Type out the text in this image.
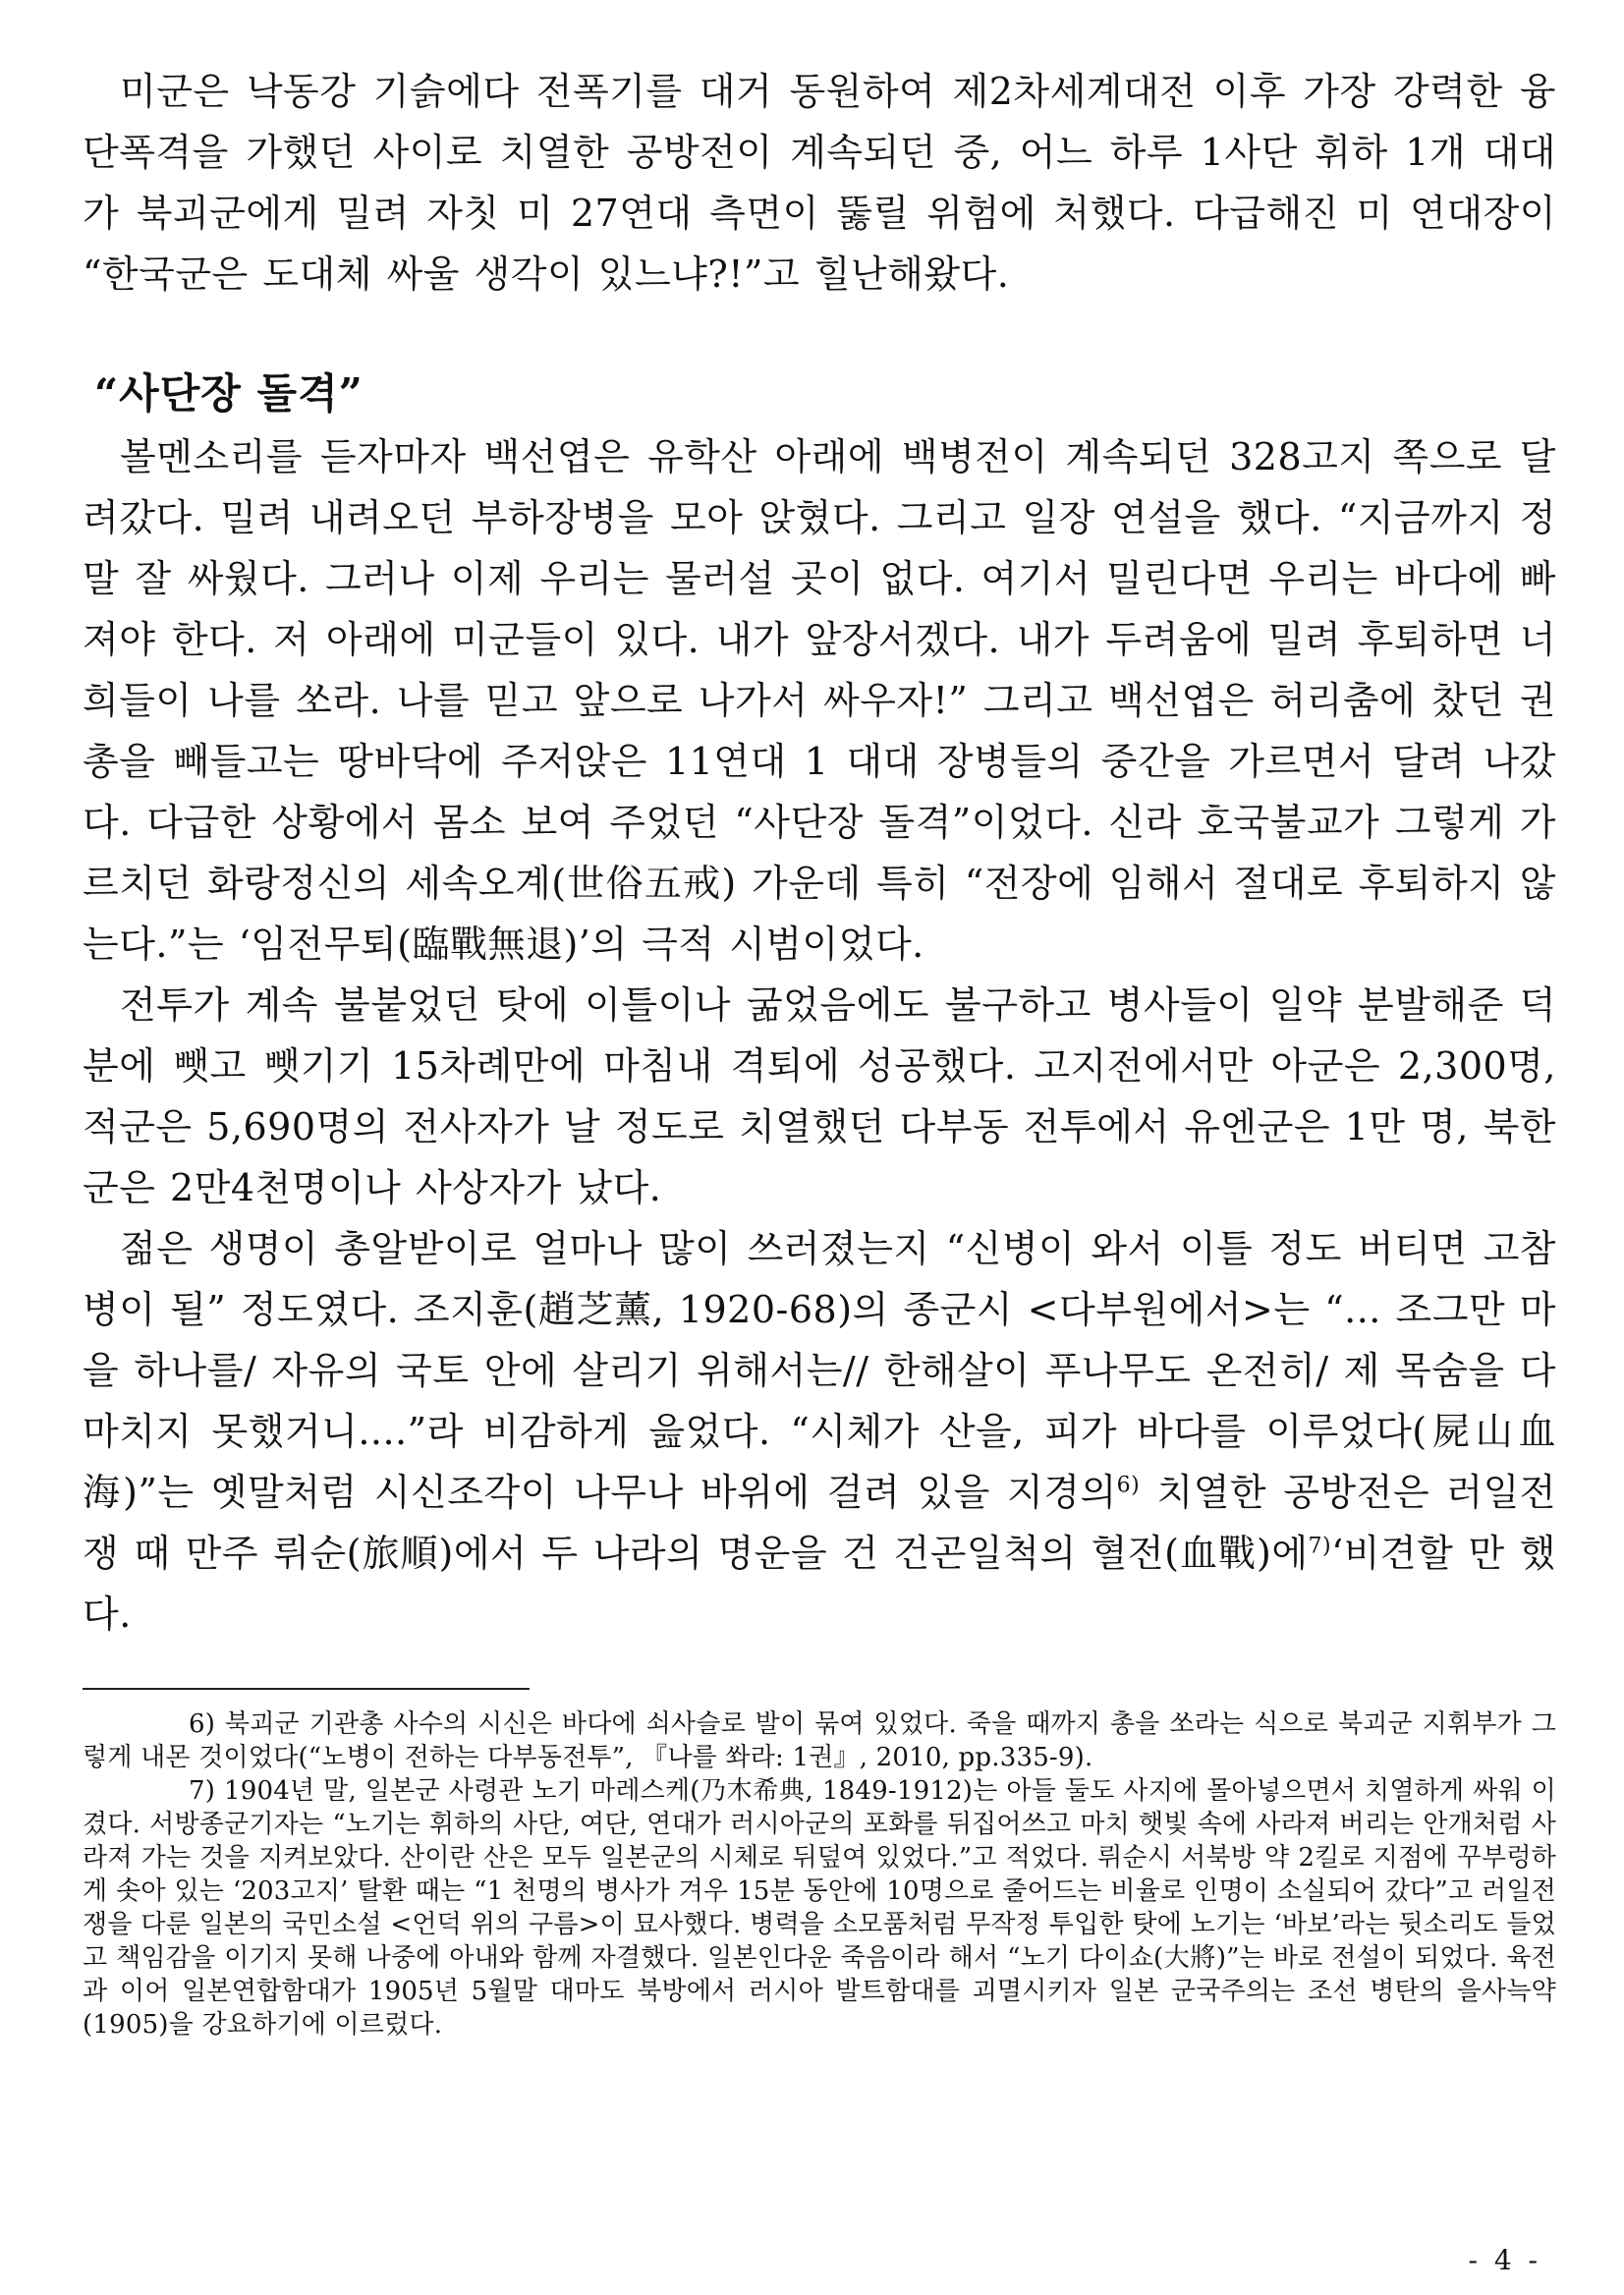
미군은 낙동강 기슭에다 전폭기를 대거 동원하여 제2차세계대전 이후 가장 강력한 융단폭격을 가했던 사이로 치열한 공방전이 계속되던 중, 어느 하루 1사단 휘하 1개 대대가 북괴군에게 밀려 자칫 미 27연대 측면이 뚫릴 위험에 처했다. 다급해진 미 연대장이 “한국군은 도대체 싸울 생각이 있느냐?!”고 힐난해왔다.

“사단장 돌격”

볼멘소리를 듣자마자 백선엽은 유학산 아래에 백병전이 계속되던 328고지 쪽으로 달려갔다. 밀려 내려오던 부하장병을 모아 앉혔다. 그리고 일장 연설을 했다. “지금까지 정말 잘 싸웠다. 그러나 이제 우리는 물러설 곳이 없다. 여기서 밀린다면 우리는 바다에 빠져야 한다. 저 아래에 미군들이 있다. 내가 앞장서겠다. 내가 두려움에 밀려 후퇴하면 너희들이 나를 쏘라. 나를 믿고 앞으로 나가서 싸우자!” 그리고 백선엽은 허리춤에 찼던 권총을 빼들고는 땅바닥에 주저앉은 11연대 1 대대 장병들의 중간을 가르면서 달려 나갔다. 다급한 상황에서 몸소 보여 주었던 “사단장 돌격”이었다. 신라 호국불교가 그렇게 가르치던 화랑정신의 세속오계(世俗五戒) 가운데 특히 “전장에 임해서 절대로 후퇴하지 않는다.”는 ‘임전무퇴(臨戰無退)’의 극적 시범이었다.

전투가 계속 불붙었던 탓에 이틀이나 굶었음에도 불구하고 병사들이 일약 분발해준 덕분에 뺏고 뺏기기 15차례만에 마침내 격퇴에 성공했다. 고지전에서만 아군은 2,300명, 적군은 5,690명의 전사자가 날 정도로 치열했던 다부동 전투에서 유엔군은 1만 명, 북한군은 2만4천명이나 사상자가 났다.

젊은 생명이 총알받이로 얼마나 많이 쓰러졌는지 “신병이 와서 이틀 정도 버티면 고참병이 될” 정도였다. 조지훈(趙芝薰, 1920-68)의 종군시 <다부원에서>는 “... 조그만 마을 하나를/ 자유의 국토 안에 살리기 위해서는// 한해살이 푸나무도 온전히/ 제 목숨을 다 마치지 못했거니....”라 비감하게 읊었다. “시체가 산을, 피가 바다를 이루었다(屍山血海)”는 옛말처럼 시신조각이 나무나 바위에 걸려 있을 지경의$^{6)}$ 치열한 공방전은 러일전쟁 때 만주 뤼순(旅順)에서 두 나라의 명운을 건 건곤일척의 혈전(血戰)에$^{7)}$‘비견할 만 했다.

6) 북괴군 기관총 사수의 시신은 바다에 쇠사슬로 발이 묶여 있었다. 죽을 때까지 총을 쏘라는 식으로 북괴군 지휘부가 그렇게 내몬 것이었다(“노병이 전하는 다부동전투”, 『나를 쏴라: 1권』, 2010, pp.335-9).

7) 1904년 말, 일본군 사령관 노기 마레스케(乃木希典, 1849-1912)는 아들 둘도 사지에 몰아넣으면서 치열하게 싸워 이겼다. 서방종군기자는 “노기는 휘하의 사단, 여단, 연대가 러시아군의 포화를 뒤집어쓰고 마치 햇빛 속에 사라져 버리는 안개처럼 사라져 가는 것을 지켜보았다. 산이란 산은 모두 일본군의 시체로 뒤덮여 있었다.”고 적었다. 뤼순시 서북방 약 2킬로 지점에 꾸부렁하게 솟아 있는 ‘203고지’ 탈환 때는 “1 천명의 병사가 겨우 15분 동안에 10명으로 줄어드는 비율로 인명이 소실되어 갔다”고 러일전쟁을 다룬 일본의 국민소설 <언덕 위의 구름>이 묘사했다. 병력을 소모품처럼 무작정 투입한 탓에 노기는 ‘바보’라는 뒷소리도 들었고 책임감을 이기지 못해 나중에 아내와 함께 자결했다. 일본인다운 죽음이라 해서 “노기 다이쇼(大將)”는 바로 전설이 되었다. 육전과 이어 일본연합함대가 1905년 5월말 대마도 북방에서 러시아 발트함대를 괴멸시키자 일본 군국주의는 조선 병탄의 을사늑약(1905)을 강요하기에 이르렀다.

- 4 -
